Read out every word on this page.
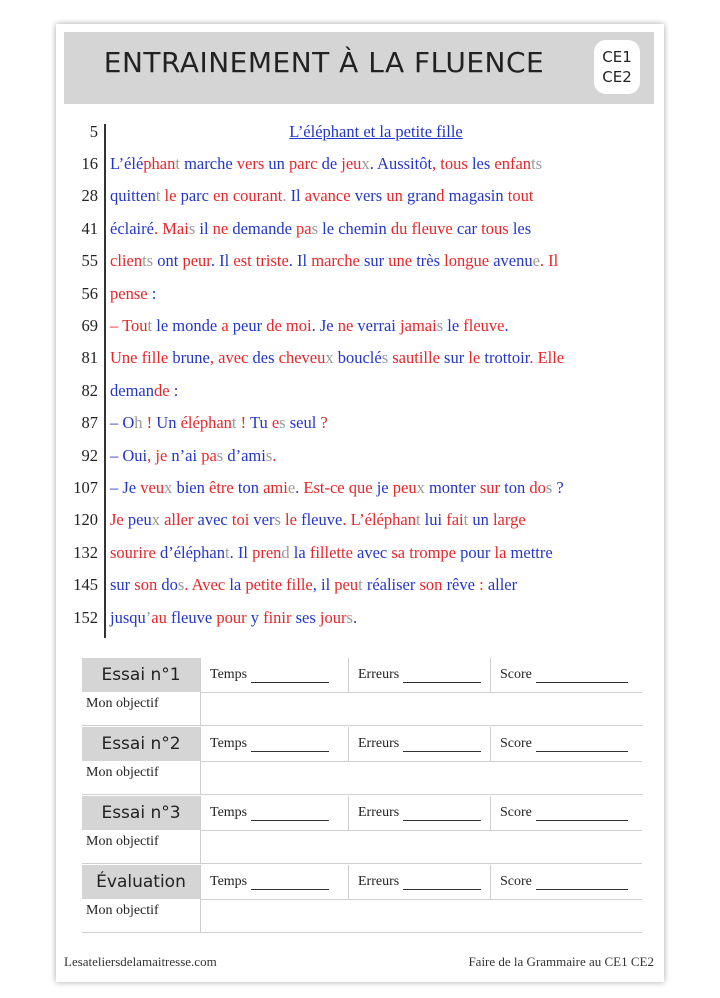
ENTRAINEMENT À LA FLUENCE	CE1
CE2
5	L’éléphant et la petite fille
16 L’éléphant marche vers un parc de jeux. Aussitôt, tous les enfants
28 quittent le parc en courant. Il avance vers un grand magasin tout
41 éclairé. Mais il ne demande pas le chemin du fleuve car tous les
55 clients ont peur. Il est triste. Il marche sur une très longue avenue. Il
56 pense :
69 – Tout le monde a peur de moi. Je ne verrai jamais le fleuve.
81 Une fille brune, avec des cheveux bouclés sautille sur le trottoir. Elle
82 demande :
87 – Oh ! Un éléphant ! Tu es seul ?
92 – Oui, je n’ai pas d’amis.
107 – Je veux bien être ton amie. Est-ce que je peux monter sur ton dos ?
120 Je peux aller avec toi vers le fleuve. L’éléphant lui fait un large
132 sourire d’éléphant. Il prend la fillette avec sa trompe pour la mettre
145 sur son dos. Avec la petite fille, il peut réaliser son rêve : aller
152 jusqu’au fleuve pour y finir ses jours.
Essai n°1	Temps	Erreurs	Score
Mon objectif
Essai n°2	Temps	Erreurs	Score
Mon objectif
Essai n°3	Temps	Erreurs	Score
Mon objectif
Évaluation	Temps	Erreurs	Score
Mon objectif
Lesateliersdelamaitresse.com	Faire de la Grammaire au CE1 CE2
